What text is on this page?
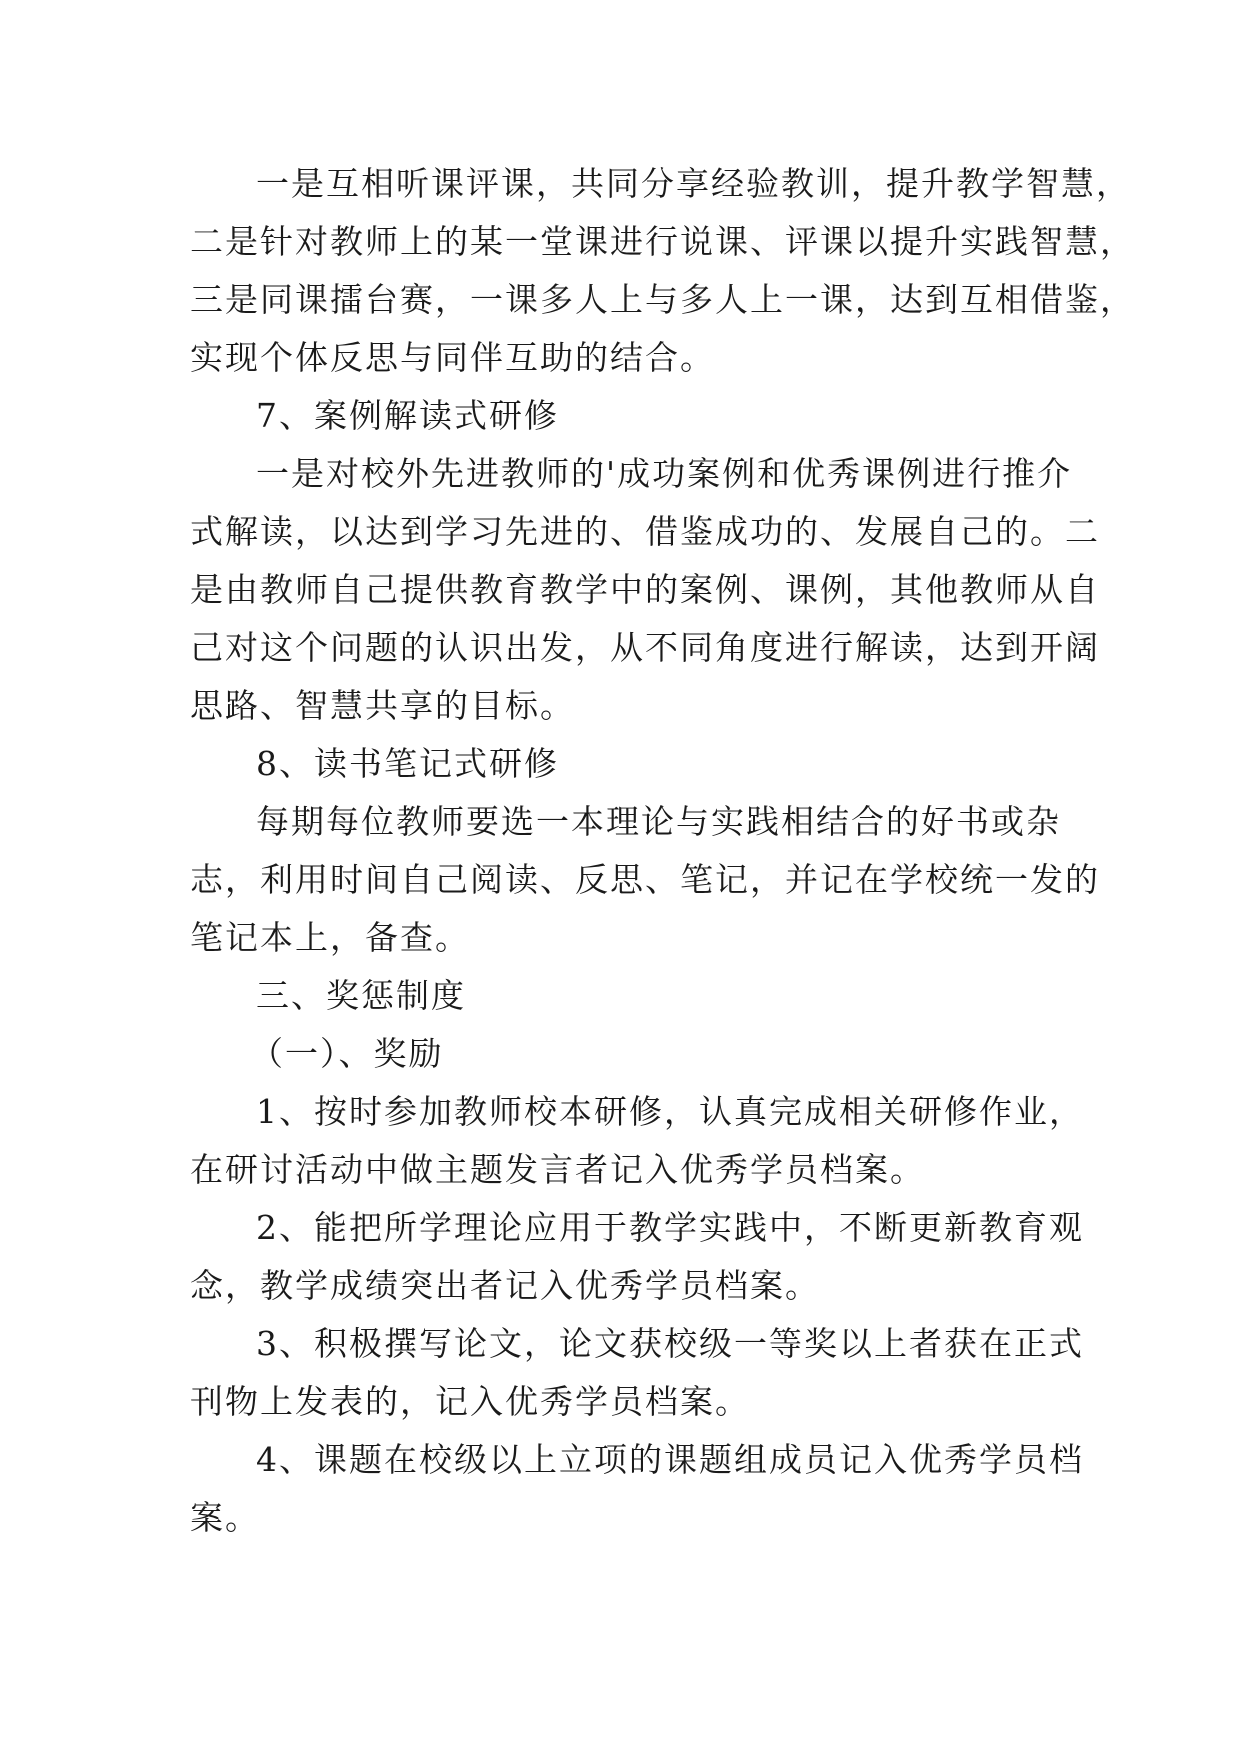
一是互相听课评课，共同分享经验教训，提升教学智慧，
二是针对教师上的某一堂课进行说课、评课以提升实践智慧，
三是同课擂台赛，一课多人上与多人上一课，达到互相借鉴，
实现个体反思与同伴互助的结合。
7、案例解读式研修
一是对校外先进教师的'成功案例和优秀课例进行推介
式解读，以达到学习先进的、借鉴成功的、发展自己的。二
是由教师自己提供教育教学中的案例、课例，其他教师从自
己对这个问题的认识出发，从不同角度进行解读，达到开阔
思路、智慧共享的目标。
8、读书笔记式研修
每期每位教师要选一本理论与实践相结合的好书或杂
志，利用时间自己阅读、反思、笔记，并记在学校统一发的
笔记本上，备查。
三、奖惩制度
（一）、奖励
1、按时参加教师校本研修，认真完成相关研修作业，
在研讨活动中做主题发言者记入优秀学员档案。
2、能把所学理论应用于教学实践中，不断更新教育观
念，教学成绩突出者记入优秀学员档案。
3、积极撰写论文，论文获校级一等奖以上者获在正式
刊物上发表的，记入优秀学员档案。
4、课题在校级以上立项的课题组成员记入优秀学员档
案。
